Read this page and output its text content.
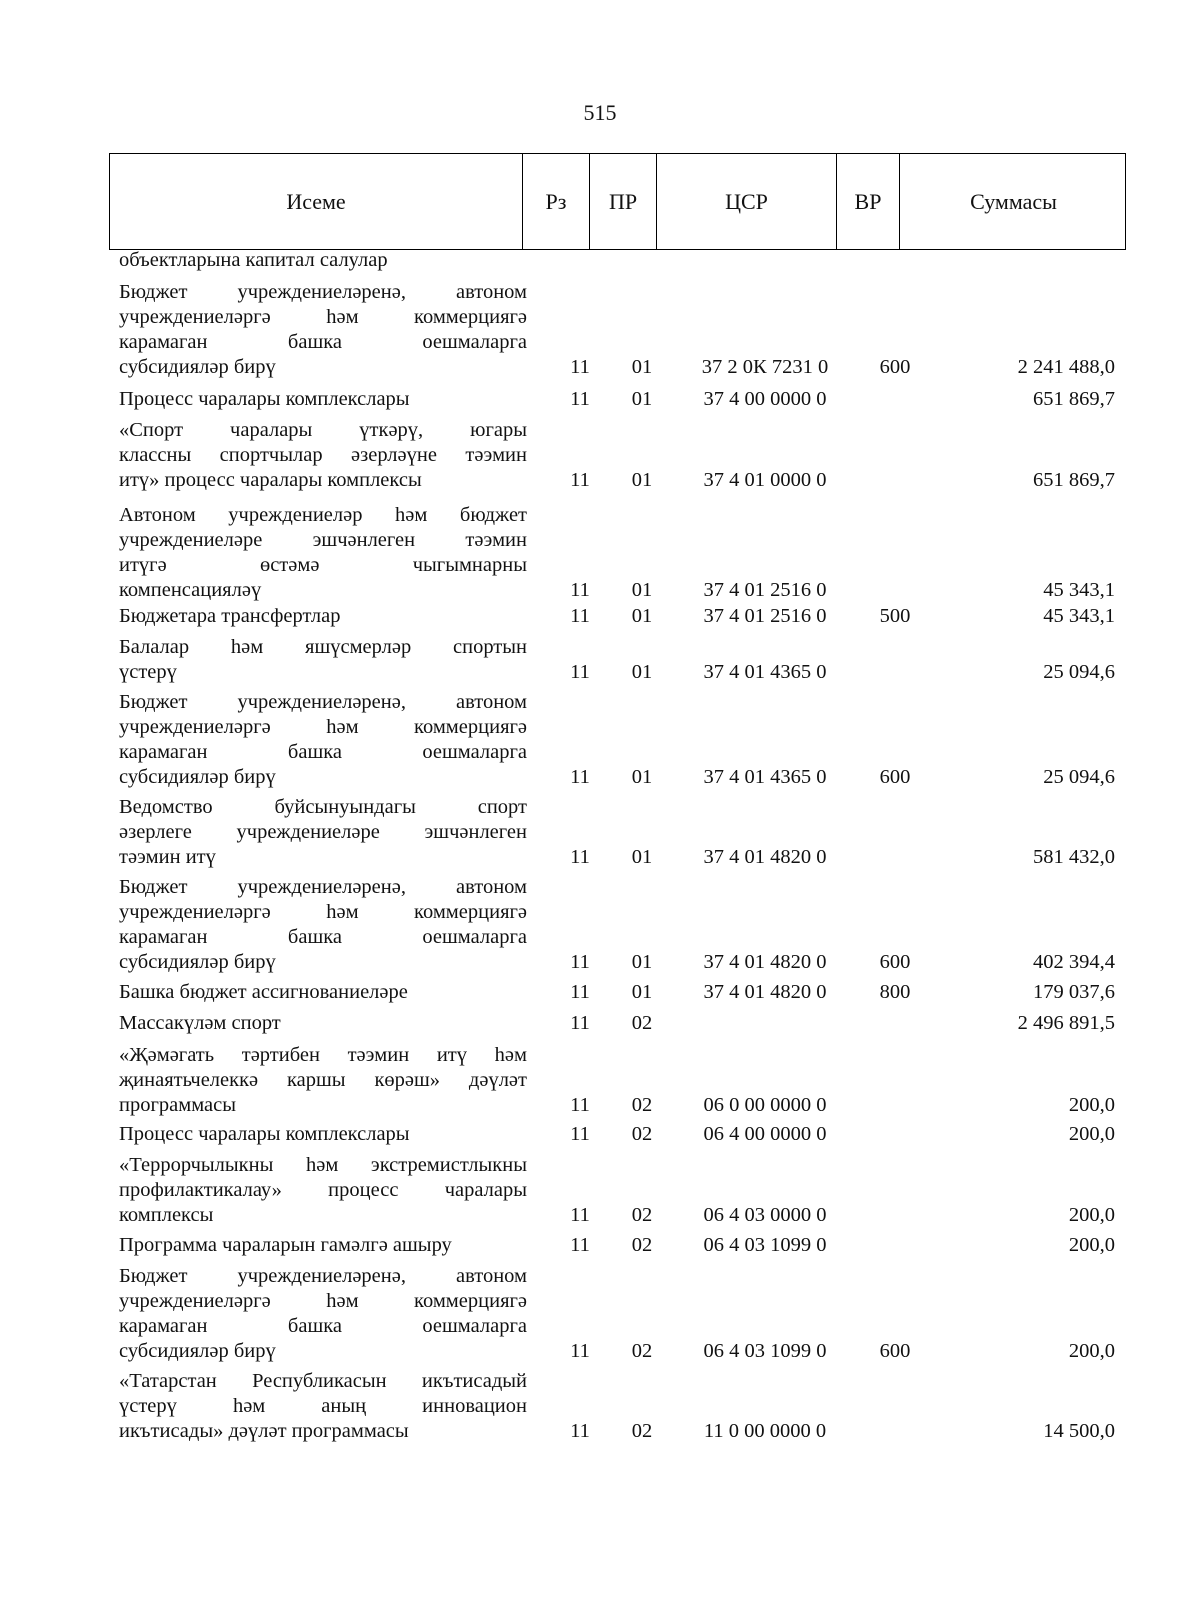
515
Исеме	Рз	ПР	ЦСР	ВР	Суммасы
объектларына капитал салулар
Бюджет учреждениеләренә, автоном
учреждениеләргә һәм коммерциягә
карамаган башка оешмаларга
субсидияләр бирү	11	01	37 2 0К 7231 0	600	2 241 488,0
Процесс чаралары комплекслары	11	01	37 4 00 0000 0	651 869,7
«Спорт чаралары үткәрү, югары
классны спортчылар әзерләүне тәэмин
итү» процесс чаралары комплексы	11	01	37 4 01 0000 0	651 869,7
Автоном учреждениеләр һәм бюджет
учреждениеләре эшчәнлеген тәэмин
итүгә өстәмә чыгымнарны
компенсацияләү	11	01	37 4 01 2516 0	45 343,1
Бюджетара трансфертлар	11	01	37 4 01 2516 0	500	45 343,1
Балалар һәм яшүсмерләр спортын
үстерү	11	01	37 4 01 4365 0	25 094,6
Бюджет учреждениеләренә, автоном
учреждениеләргә һәм коммерциягә
карамаган башка оешмаларга
субсидияләр бирү	11	01	37 4 01 4365 0	600	25 094,6
Ведомство буйсынуындагы спорт
әзерлеге учреждениеләре эшчәнлеген
тәэмин итү	11	01	37 4 01 4820 0	581 432,0
Бюджет учреждениеләренә, автоном
учреждениеләргә һәм коммерциягә
карамаган башка оешмаларга
субсидияләр бирү	11	01	37 4 01 4820 0	600	402 394,4
Башка бюджет ассигнованиеләре	11	01	37 4 01 4820 0	800	179 037,6
Массакүләм спорт	11	02	2 496 891,5
«Җәмәгать тәртибен тәэмин итү һәм
җинаятьчелеккә каршы көрәш» дәүләт
программасы	11	02	06 0 00 0000 0	200,0
Процесс чаралары комплекслары	11	02	06 4 00 0000 0	200,0
«Террорчылыкны һәм экстремистлыкны
профилактикалау» процесс чаралары
комплексы	11	02	06 4 03 0000 0	200,0
Программа чараларын гамәлгә ашыру	11	02	06 4 03 1099 0	200,0
Бюджет учреждениеләренә, автоном
учреждениеләргә һәм коммерциягә
карамаган башка оешмаларга
субсидияләр бирү	11	02	06 4 03 1099 0	600	200,0
«Татарстан Республикасын икътисадый
үстерү һәм аның инновацион
икътисады» дәүләт программасы	11	02	11 0 00 0000 0	14 500,0
